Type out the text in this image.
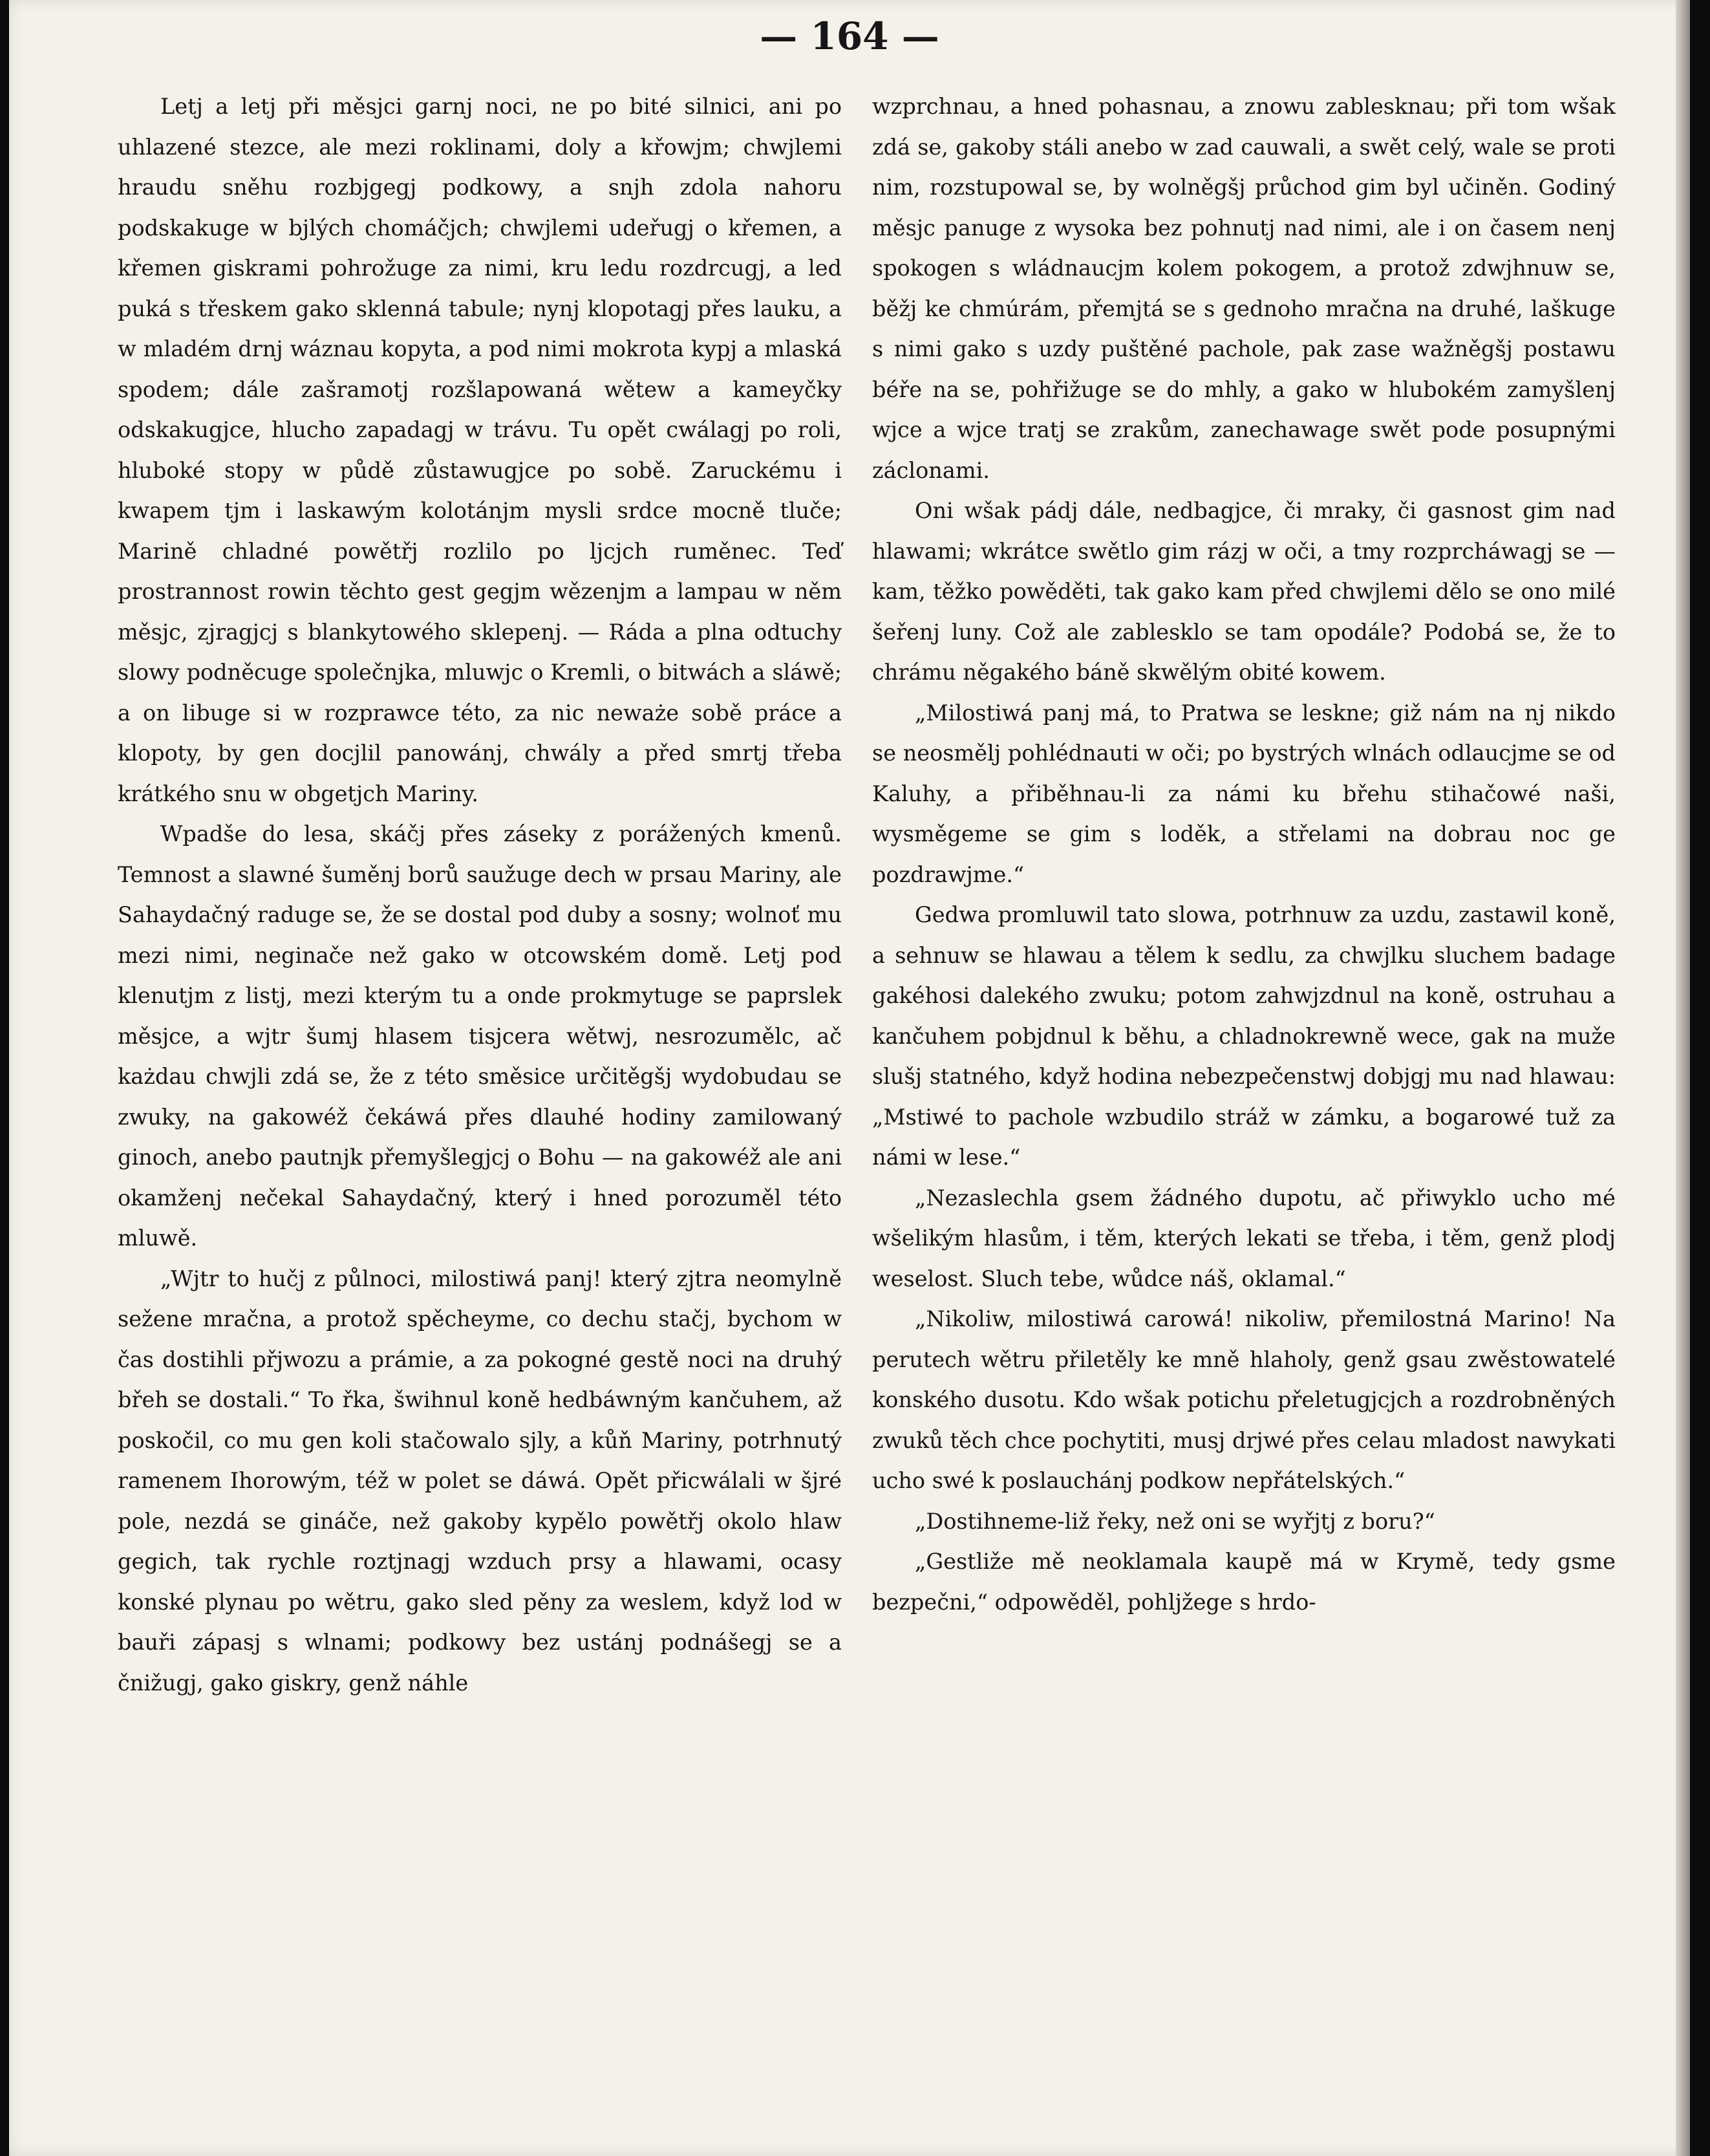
— 164 —

Letj a letj při měsjci garnj noci, ne po bité silnici, ani po uhlazené stezce, ale mezi roklinami, doly a křowjm; chwjlemi hraudu sněhu rozbjgegj podkowy, a snjh zdola nahoru podskakuge w bjlých chomáčjch; chwjlemi udeřugj o křemen, a křemen giskrami pohrožuge za nimi, kru ledu rozdrcugj, a led puká s třeskem gako sklenná tabule; nynj klopotagj přes lauku, a w mladém drnj wáznau kopyta, a pod nimi mokrota kypj a mlaská spodem; dále zašramotj rozšlapowaná wětew a kameyčky odskakugjce, hlucho zapadagj w trávu. Tu opět cwálagj po roli, hluboké stopy w půdě zůstawugjce po sobě. Zaruckému i kwapem tjm i laskawým kolotánjm mysli srdce mocně tluče; Marině chladné powětřj rozlilo po ljcjch ruměnec. Teď prostrannost rowin těchto gest gegjm wězenjm a lampau w něm měsjc, zjragjcj s blankytowého sklepenj. — Ráda a plna odtuchy slowy podněcuge společnjka, mluwjc o Kremli, o bitwách a sláwě; a on libuge si w rozprawce této, za nic neważe sobě práce a klopoty, by gen docjlil panowánj, chwály a před smrtj třeba krátkého snu w obgetjch Mariny.

Wpadše do lesa, skáčj přes zásekу z porážených kmenů. Temnost a slawné šuměnj borů saužuge dech w prsau Mariny, ale Sahaydačný raduge se, že se dostal pod duby a sosny; wolnoť mu mezi nimi, neginače než gako w otcowském domě. Letj pod klenutjm z listj, mezi kterým tu a onde prokmytuge se paprslek měsjce, a wjtr šumj hlasem tisjcera wětwj, nesrozumělc, ač każdau chwjli zdá se, že z této směsice určitěgšj wydobudau se zwuky, na gakowéž čekáwá přes dlauhé hodiny zamilowaný ginoch, anebo pautnjk přemyšlegjcj o Bohu — na gakowéž ale ani okamženj nečekal Sahaydačný, který i hned porozuměl této mluwě.

„Wjtr to hučj z půlnoci, milostiwá panj! který zjtra neomylně sežene mračna, a protož spěcheyme, co dechu stačj, bychom w čas dostihli přjwozu a prámie, a za pokogné gestě noci na druhý břeh se dostali.“ To řka, šwihnul koně hedbáwným kančuhem, až poskočil, co mu gen koli stačowalo sjly, a kůň Mariny, potrhnutý ramenem Ihorowým, též w polet se dáwá. Opět přicwálali w šjré pole, nezdá se gináče, než gakoby kypělo powětřj okolo hlaw gegich, tak rychle roztjnagj wzduch prsy a hlawami, ocasy konské plynau po wětru, gako sled pěny za weslem, když lod w bauři zápasj s wlnami; podkowy bez ustánj podnášegj se a čnižugj, gako giskry, genž náhle

wzprchnau, a hned pohasnau, a znowu zablesknau; při tom wšak zdá se, gakoby stáli anebo w zad cauwali, a swět celý, wale se proti nim, rozstupowal se, by wolněgšj průchod gim byl učiněn. Godiný měsjc panuge z wysoka bez pohnutj nad nimi, ale i on časem nenj spokogen s wládnaucjm kolem pokogem, a protož zdwjhnuw se, běžj ke chmúrám, přemjtá se s gednoho mračna na druhé, laškuge s nimi gako s uzdy puštěné pachole, pak zase wažněgšj postawu béře na se, pohřižuge se do mhly, a gako w hlubokém zamyšlenj wjce a wjce tratj se zrakům, zanechawage swět pode posupnými záclonami.

Oni wšak pádj dále, nedbagjce, či mraky, či gasnost gim nad hlawami; wkrátce swětlo gim rázj w oči, a tmy rozprcháwagj se — kam, těžko powěděti, tak gako kam před chwjlemi dělo se ono milé šeřenj luny. Což ale zablesklo se tam opodále? Podobá se, že to chrámu něgakého báně skwělým obité kowem.

„Milostiwá panj má, to Pratwa se leskne; giž nám na nj nikdo se neosmělj pohlédnauti w oči; po bystrých wlnách odlaucjme se od Kaluhy, a přiběhnau-li za námi ku břehu stihačowé naši, wysměgeme se gim s loděk, a střelami na dobrau noc ge pozdrawjme.“

Gedwa promluwil tato slowa, potrhnuw za uzdu, zastawil koně, a sehnuw se hlawau a tělem k sedlu, za chwjlku sluchem badage gakéhosi dalekého zwuku; potom zahwjzdnul na koně, ostruhau a kančuhem pobjdnul k běhu, a chladnokrewně wece, gak na muže slušj statného, když hodina nebezpečenstwj dobjgj mu nad hlawau: „Mstiwé to pachole wzbudilo stráž w zámku, a bogarowé tuž za námi w lese.“

„Nezaslechla gsem žádného dupotu, ač přiwyklo ucho mé wšelikým hlasům, i těm, kterých lekati se třeba, i těm, genž plodj weselost. Sluch tebe, wůdce náš, oklamal.“

„Nikoliw, milostiwá carowá! nikoliw, přemilostná Marino! Na perutech wětru přiletěly ke mně hlaholy, genž gsau zwěstowatelé konského dusotu. Kdo wšak potichu přeletugjcjch a rozdrobněných zwuků těch chce pochytiti, musj drjwé přes celau mladost nawykati ucho swé k poslauchánj podkow nepřátelských.“

„Dostihneme-liž řeky, než oni se wyřjtj z boru?“

„Gestliže mě neoklamala kaupě má w Krymě, tedy gsme bezpečni,“ odpowěděl, pohljžege s hrdo-
